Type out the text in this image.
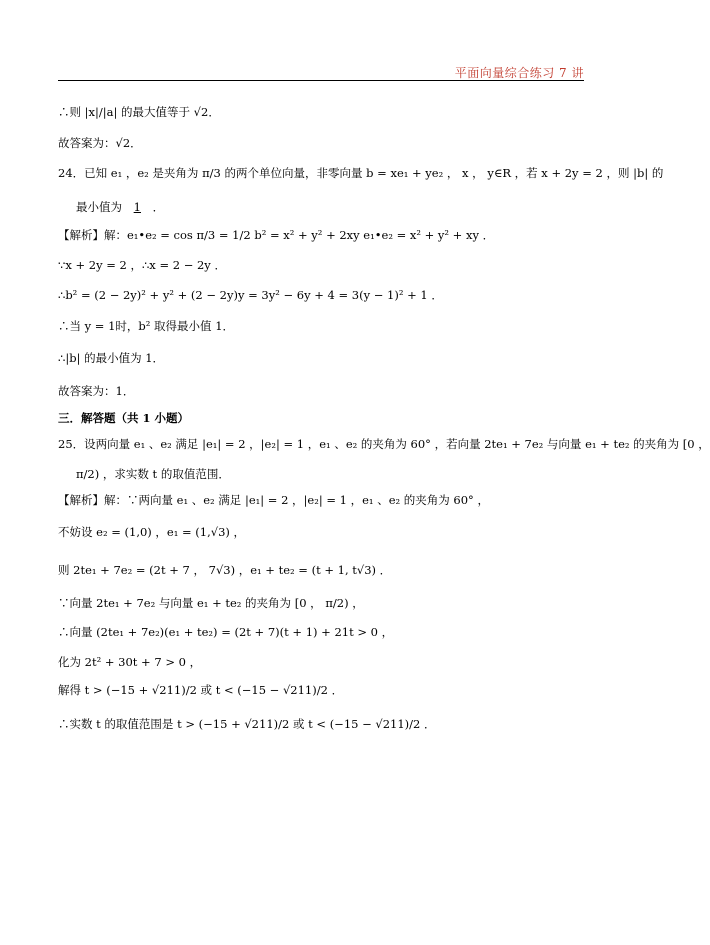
平面向量综合练习 7 讲
∴则 |x|/|a| 的最大值等于 √2．
故答案为：√2．
24．已知 e₁ ，e₂ 是夹角为 π/3 的两个单位向量，非零向量 b = xe₁ + ye₂ ， x ， y∈R ，若 x + 2y = 2 ，则 |b| 的
最小值为 1 ．
【解析】解：e₁•e₂ = cos π/3 = 1/2 b² = x² + y² + 2xy e₁•e₂ = x² + y² + xy ．
∵x + 2y = 2 ，∴x = 2 − 2y ．
∴b² = (2 − 2y)² + y² + (2 − 2y)y = 3y² − 6y + 4 = 3(y − 1)² + 1 ．
∴当 y = 1时，b² 取得最小值 1．
∴|b| 的最小值为 1．
故答案为：1．
三．解答题（共 1 小题）
25．设两向量 e₁ 、e₂ 满足 |e₁| = 2 ，|e₂| = 1 ，e₁ 、e₂ 的夹角为 60° ，若向量 2te₁ + 7e₂ 与向量 e₁ + te₂ 的夹角为 [0 ，
π/2) ，求实数 t 的取值范围．
【解析】解：∵两向量 e₁ 、e₂ 满足 |e₁| = 2 ，|e₂| = 1 ，e₁ 、e₂ 的夹角为 60° ，
不妨设 e₂ = (1,0) ，e₁ = (1,√3) ，
则 2te₁ + 7e₂ = (2t + 7 ， 7√3) ，e₁ + te₂ = (t + 1, t√3) ．
∵向量 2te₁ + 7e₂ 与向量 e₁ + te₂ 的夹角为 [0 ， π/2) ，
∴向量 (2te₁ + 7e₂)(e₁ + te₂) = (2t + 7)(t + 1) + 21t > 0 ，
化为 2t² + 30t + 7 > 0 ，
解得 t > (−15 + √211)/2 或 t < (−15 − √211)/2 ．
∴实数 t 的取值范围是 t > (−15 + √211)/2 或 t < (−15 − √211)/2 ．
